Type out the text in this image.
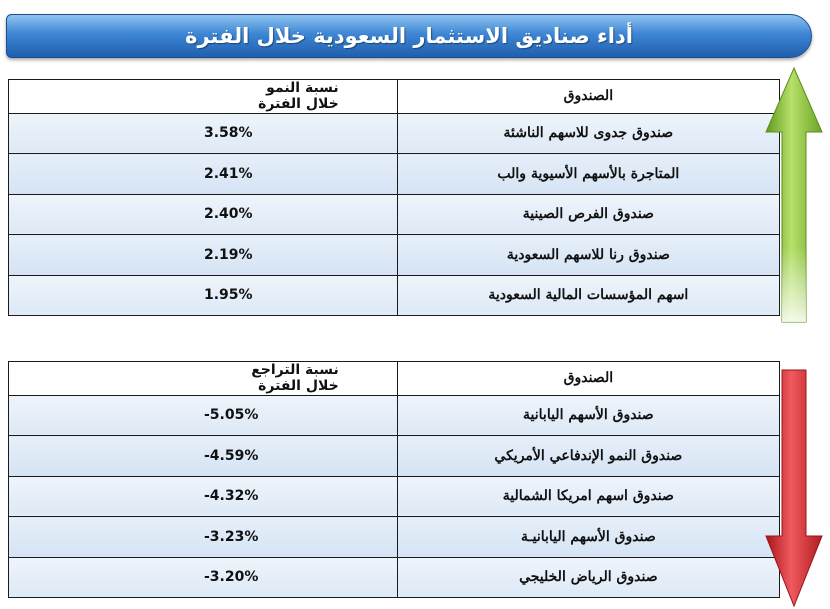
أداء صناديق الاستثمار السعودية خلال الفترة
نسبة النمو خلال الفترة	الصندوق
3.58%	صندوق جدوى للاسهم الناشئة
2.41%	المتاجرة بالأسهم الأسيوية والب
2.40%	صندوق الفرص الصينية
2.19%	صندوق رنا للاسهم السعودية
1.95%	اسهم المؤسسات المالية السعودية
نسبة التراجع خلال الفترة	الصندوق
-5.05%	صندوق الأسهم اليابانية
-4.59%	صندوق النمو الإندفاعي الأمريكي
-4.32%	صندوق اسهم امريكا الشمالية
-3.23%	صندوق الأسهم اليابانيـة
-3.20%	صندوق الرياض الخليجي
